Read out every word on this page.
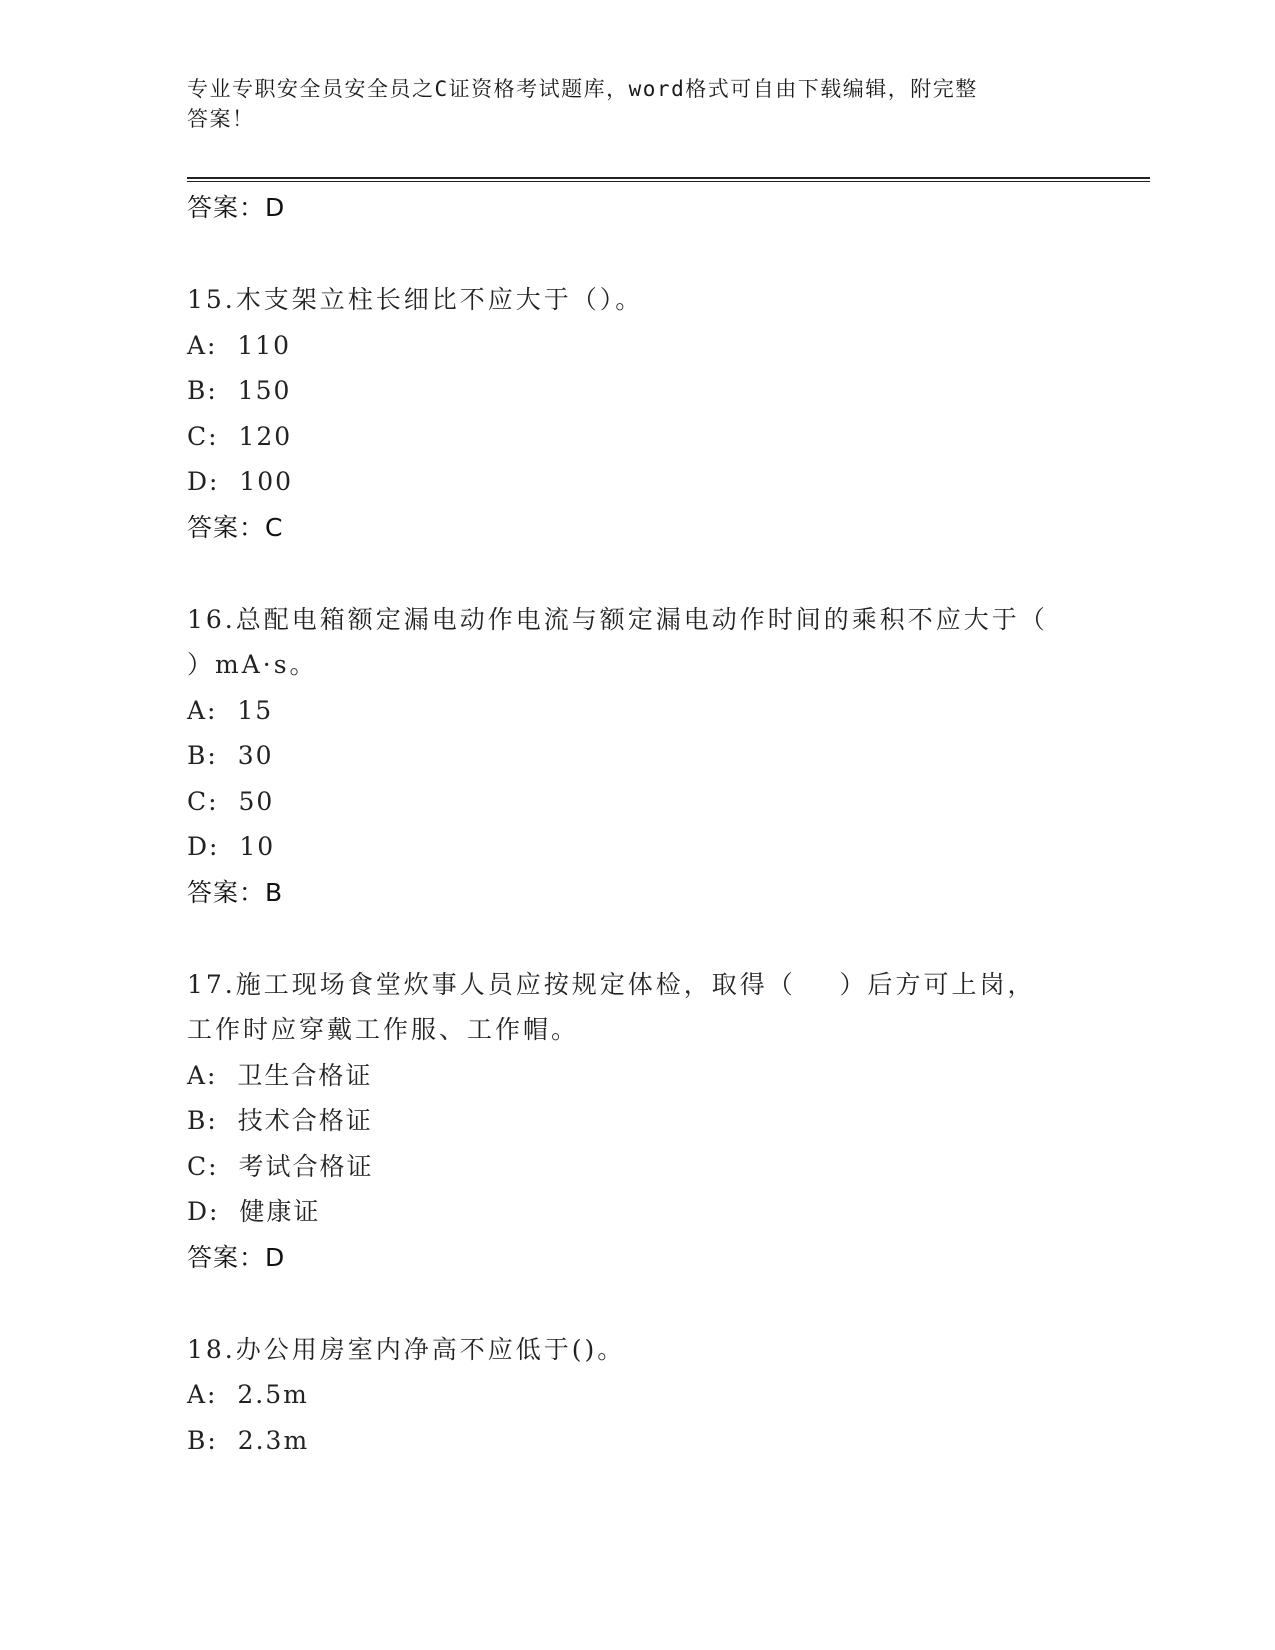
专业专职安全员安全员之C证资格考试题库，word格式可自由下载编辑，附完整
答案！
答案：D
15.木支架立柱长细比不应大于（）。
A:  110
B:  150
C:  120
D:  100
答案：C
16.总配电箱额定漏电动作电流与额定漏电动作时间的乘积不应大于（
）mA·s。
A:  15
B:  30
C:  50
D:  10
答案：B
17.施工现场食堂炊事人员应按规定体检，取得（    ）后方可上岗，
工作时应穿戴工作服、工作帽。
A:  卫生合格证
B:  技术合格证
C:  考试合格证
D:  健康证
答案：D
18.办公用房室内净高不应低于()。
A:  2.5m
B:  2.3m
